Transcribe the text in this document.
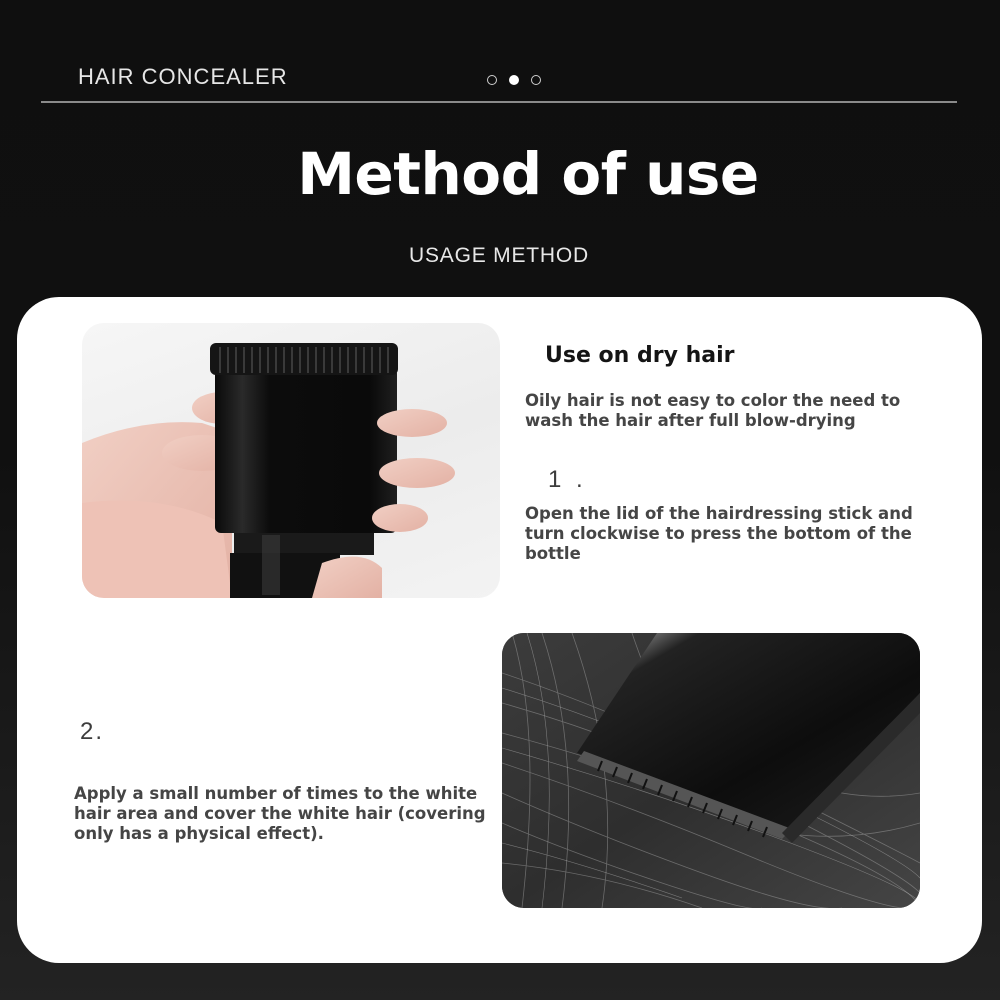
HAIR CONCEALER
Method of use
USAGE METHOD
Use on dry hair
Oily hair is not easy to color the need to wash the hair after full blow-drying
1 .
Open the lid of the hairdressing stick and turn clockwise to press the bottom of the bottle
2.
Apply a small number of times to the white hair area and cover the white hair (covering only has a physical effect).
